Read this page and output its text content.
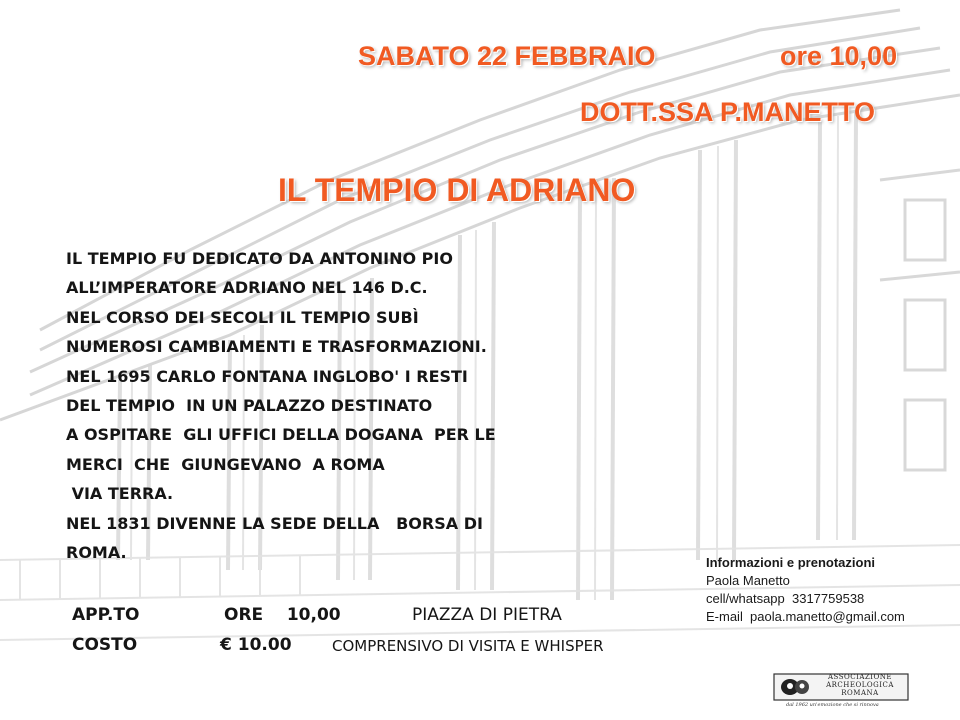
SABATO 22 FEBBRAIO	ore 10,00
DOTT.SSA P.MANETTO
IL TEMPIO DI ADRIANO
IL TEMPIO FU DEDICATO DA ANTONINO PIO
ALL’IMPERATORE ADRIANO NEL 146 D.C.
NEL CORSO DEI SECOLI IL TEMPIO SUBÌ
NUMEROSI CAMBIAMENTI E TRASFORMAZIONI.
NEL 1695 CARLO FONTANA INGLOBO' I RESTI
DEL TEMPIO  IN UN PALAZZO DESTINATO
A OSPITARE  GLI UFFICI DELLA DOGANA  PER LE
MERCI  CHE  GIUNGEVANO  A ROMA
VIA TERRA.
NEL 1831 DIVENNE LA SEDE DELLA   BORSA DI
ROMA.
APP.TO	ORE    10,00	PIAZZA DI PIETRA
COSTO	€ 10.00	COMPRENSIVO DI VISITA E WHISPER
Informazioni e prenotazioni
Paola Manetto
cell/whatsapp  3317759538
E-mail  paola.manetto@gmail.com
ASSOCIAZIONE ARCHEOLOGICA ROMANA
dal 1962 un'emozione che si rinnova
